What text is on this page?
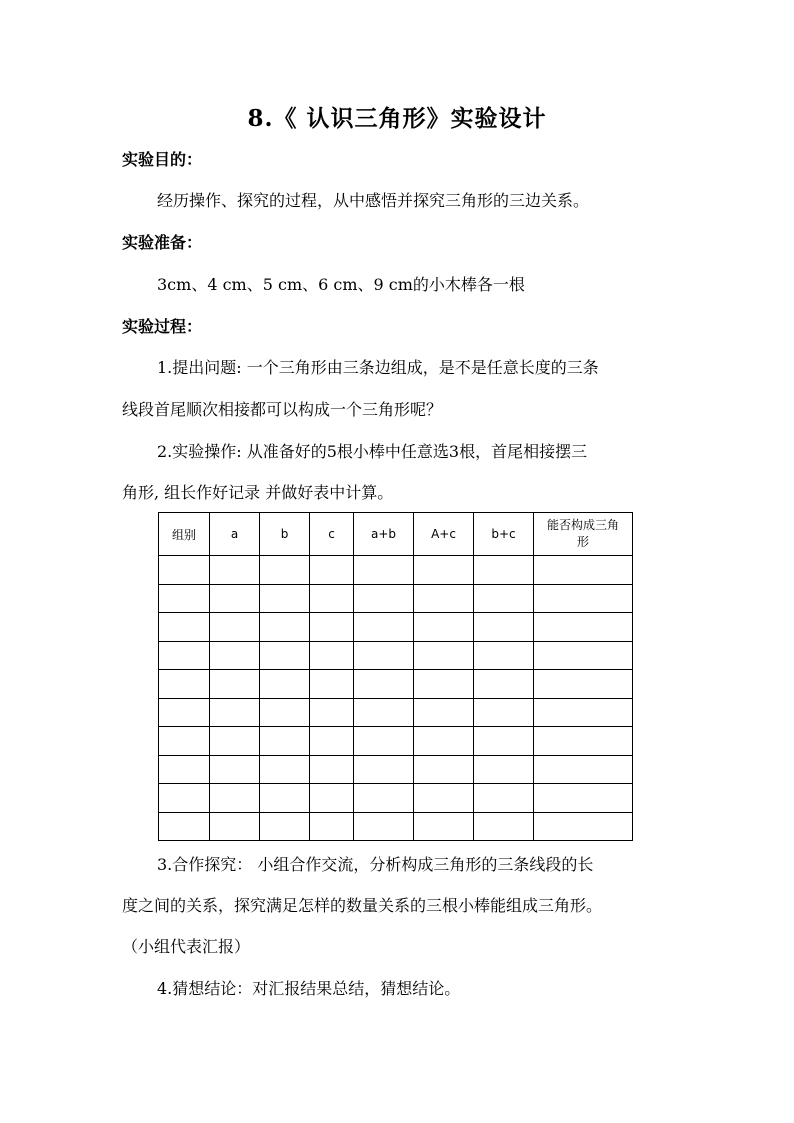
8.《 认识三角形》实验设计
实验目的：
经历操作、探究的过程，从中感悟并探究三角形的三边关系。
实验准备：
3cm、4 cm、5 cm、6 cm、9 cm的小木棒各一根
实验过程：
1.提出问题: 一个三角形由三条边组成，是不是任意长度的三条
线段首尾顺次相接都可以构成一个三角形呢？
2.实验操作: 从准备好的5根小棒中任意选3根，首尾相接摆三
角形, 组长作好记录 并做好表中计算。
组别	a	b	c	a+b	A+c	b+c	能否构成三角
形

3.合作探究： 小组合作交流，分析构成三角形的三条线段的长
度之间的关系，探究满足怎样的数量关系的三根小棒能组成三角形。
（小组代表汇报）
4.猜想结论：对汇报结果总结，猜想结论。
